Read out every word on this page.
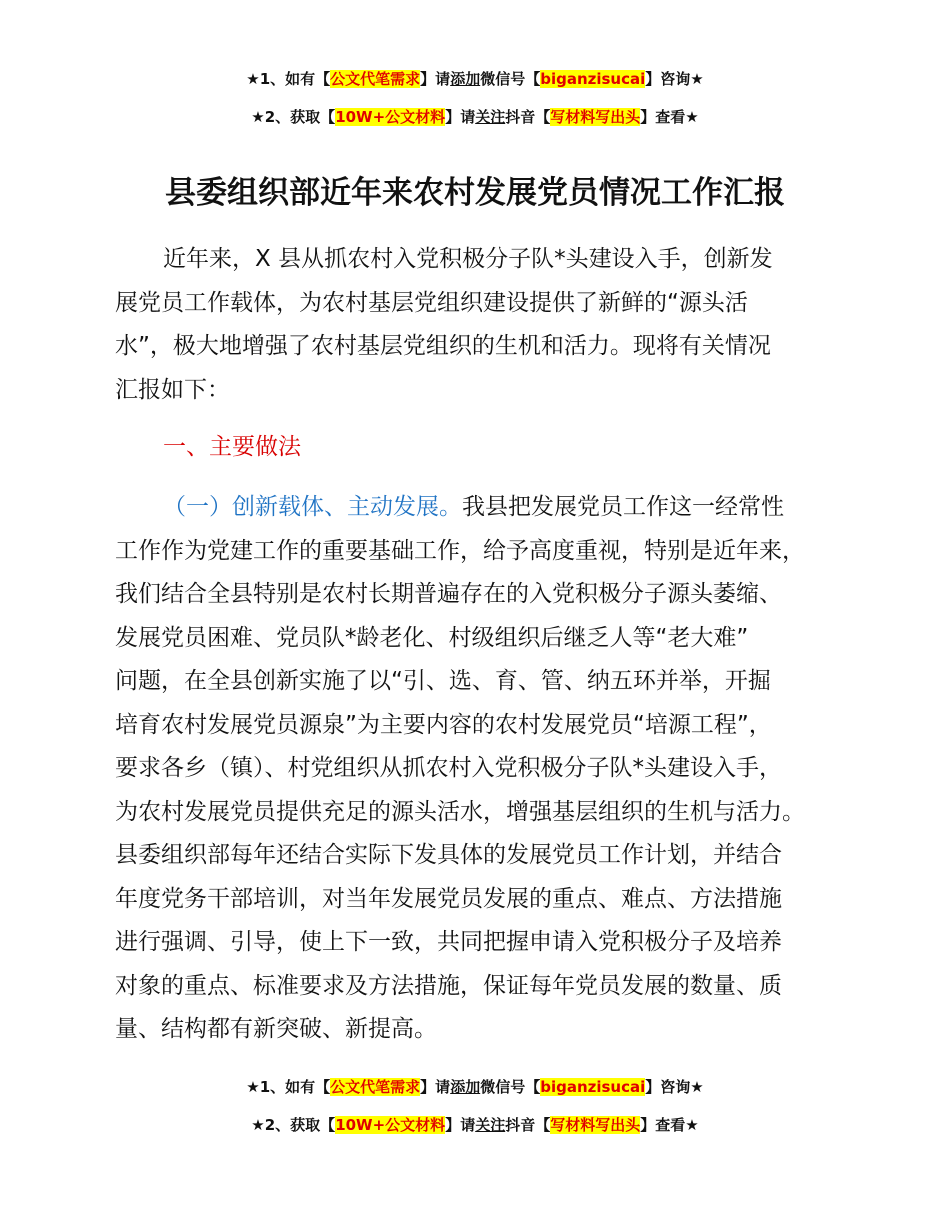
★1、如有【公文代笔需求】请添加微信号【biganzisucai】咨询★
★2、获取【10W+公文材料】请关注抖音【写材料写出头】查看★
县委组织部近年来农村发展党员情况工作汇报
近年来，X 县从抓农村入党积极分子队*头建设入手，创新发
展党员工作载体，为农村基层党组织建设提供了新鲜的“源头活
水”，极大地增强了农村基层党组织的生机和活力。现将有关情况
汇报如下：
一、主要做法
（一）创新载体、主动发展。我县把发展党员工作这一经常性
工作作为党建工作的重要基础工作，给予高度重视，特别是近年来，
我们结合全县特别是农村长期普遍存在的入党积极分子源头萎缩、
发展党员困难、党员队*龄老化、村级组织后继乏人等“老大难”
问题，在全县创新实施了以“引、选、育、管、纳五环并举，开掘
培育农村发展党员源泉”为主要内容的农村发展党员“培源工程”，
要求各乡（镇）、村党组织从抓农村入党积极分子队*头建设入手，
为农村发展党员提供充足的源头活水，增强基层组织的生机与活力。
县委组织部每年还结合实际下发具体的发展党员工作计划，并结合
年度党务干部培训，对当年发展党员发展的重点、难点、方法措施
进行强调、引导，使上下一致，共同把握申请入党积极分子及培养
对象的重点、标准要求及方法措施，保证每年党员发展的数量、质
量、结构都有新突破、新提高。
★1、如有【公文代笔需求】请添加微信号【biganzisucai】咨询★
★2、获取【10W+公文材料】请关注抖音【写材料写出头】查看★
